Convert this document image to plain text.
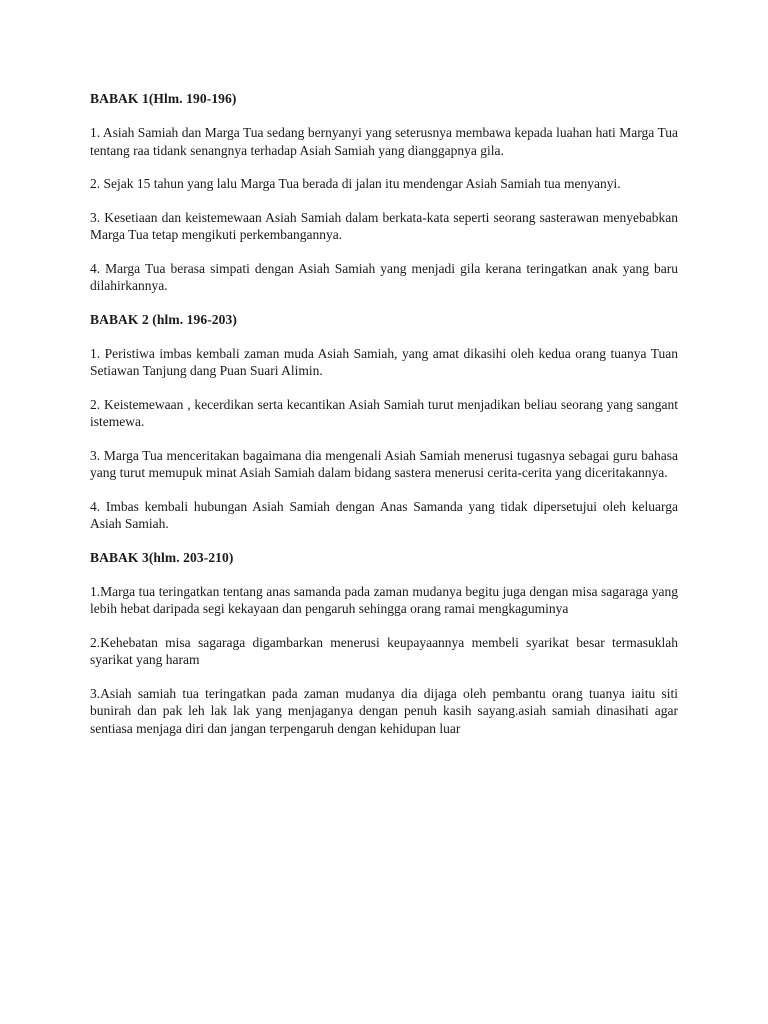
BABAK 1(Hlm. 190-196)

1. Asiah Samiah dan Marga Tua sedang bernyanyi yang seterusnya membawa kepada luahan hati Marga Tua tentang raa tidank senangnya terhadap Asiah Samiah yang dianggapnya gila.

2. Sejak 15 tahun yang lalu Marga Tua berada di jalan itu mendengar Asiah Samiah tua menyanyi.

3. Kesetiaan dan keistemewaan Asiah Samiah dalam berkata-kata seperti seorang sasterawan menyebabkan Marga Tua tetap mengikuti perkembangannya.

4. Marga Tua berasa simpati dengan Asiah Samiah yang menjadi gila kerana teringatkan anak yang baru dilahirkannya.

BABAK 2 (hlm. 196-203)

1. Peristiwa imbas kembali zaman muda Asiah Samiah, yang amat dikasihi oleh kedua orang tuanya Tuan Setiawan Tanjung dang Puan Suari Alimin.

2. Keistemewaan , kecerdikan serta kecantikan Asiah Samiah turut menjadikan beliau seorang yang sangant istemewa.

3. Marga Tua menceritakan bagaimana dia mengenali Asiah Samiah menerusi tugasnya sebagai guru bahasa yang turut memupuk minat Asiah Samiah dalam bidang sastera menerusi cerita-cerita yang diceritakannya.

4. Imbas kembali hubungan Asiah Samiah dengan Anas Samanda yang tidak dipersetujui oleh keluarga Asiah Samiah.

BABAK 3(hlm. 203-210)

1.Marga tua teringatkan tentang anas samanda pada zaman mudanya begitu juga dengan misa sagaraga yang lebih hebat daripada segi kekayaan dan pengaruh sehingga orang ramai mengkaguminya

2.Kehebatan misa sagaraga digambarkan menerusi keupayaannya membeli syarikat besar termasuklah syarikat yang haram

3.Asiah samiah tua teringatkan pada zaman mudanya dia dijaga oleh pembantu orang tuanya iaitu siti bunirah dan pak leh lak lak yang menjaganya dengan penuh kasih sayang.asiah samiah dinasihati agar sentiasa menjaga diri dan jangan terpengaruh dengan kehidupan luar
